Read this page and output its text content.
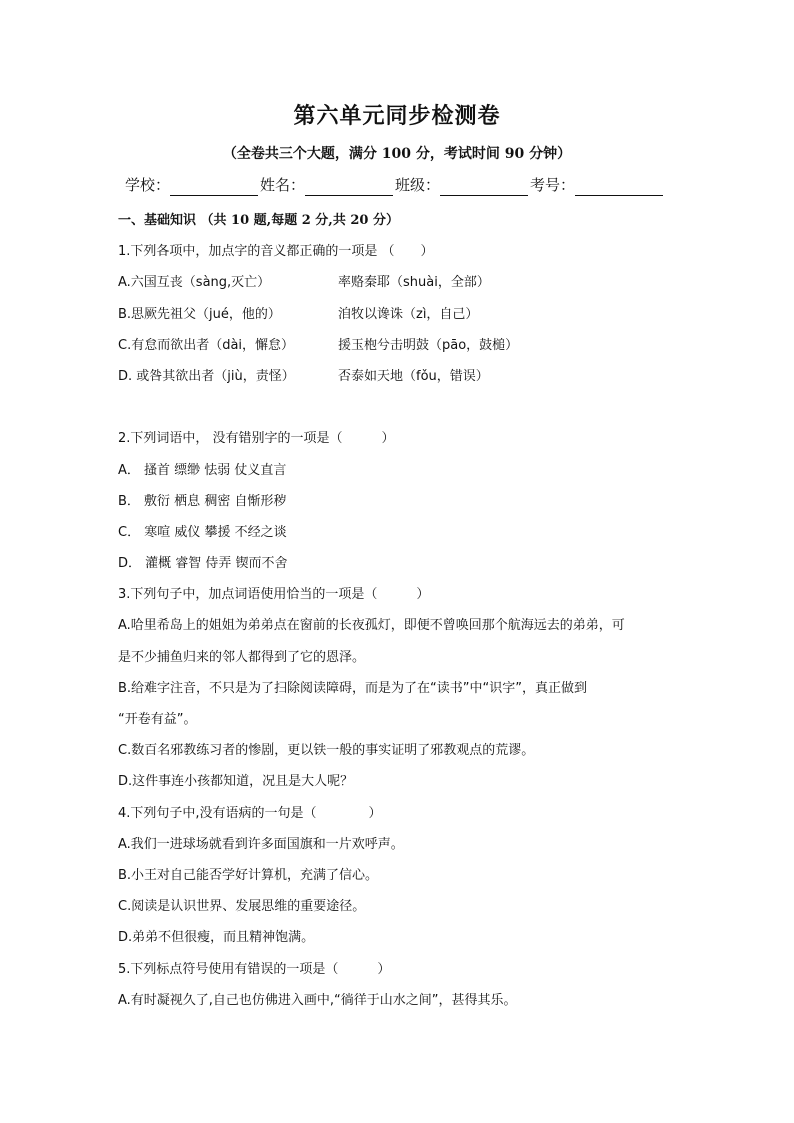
第六单元同步检测卷
（全卷共三个大题，满分 100 分，考试时间 90 分钟）
学校：	姓名：	班级：	考号：
一、基础知识 （共 10 题,每题 2 分,共 20 分）
1.下列各项中，加点字的音义都正确的一项是 （　　）
A.六国互丧（sàng,灭亡）	率赂秦耶（shuài，全部）
B.思厥先祖父（jué，他的）	洎牧以谗诛（zì，自己）
C.有怠而欲出者（dài，懈怠）	援玉枹兮击明鼓（pāo，鼓槌）
D. 或咎其欲出者（jiù，责怪）	否泰如天地（fǒu，错误）
2.下列词语中， 没有错别字的一项是（　　　）
A． 搔首 缥缈 怯弱 仗义直言
B． 敷衍 栖息 稠密 自惭形秽
C． 寒喧 威仪 攀援 不经之谈
D． 灌概 睿智 侍弄 锲而不舍
3.下列句子中，加点词语使用恰当的一项是（　　　）
A.哈里希岛上的姐姐为弟弟点在窗前的长夜孤灯，即便不曾唤回那个航海远去的弟弟，可
是不少捕鱼归来的邻人都得到了它的恩泽。
B.给难字注音，不只是为了扫除阅读障碍，而是为了在“读书”中“识字”，真正做到
“开卷有益”。
C.数百名邪教练习者的惨剧，更以铁一般的事实证明了邪教观点的荒谬。
D.这件事连小孩都知道，况且是大人呢？
4.下列句子中,没有语病的一句是（　　　　）
A.我们一进球场就看到许多面国旗和一片欢呼声。
B.小王对自己能否学好计算机，充满了信心。
C.阅读是认识世界、发展思维的重要途径。
D.弟弟不但很瘦，而且精神饱满。
5.下列标点符号使用有错误的一项是（　　　）
A.有时凝视久了,自己也仿佛进入画中,“徜徉于山水之间”，甚得其乐。
